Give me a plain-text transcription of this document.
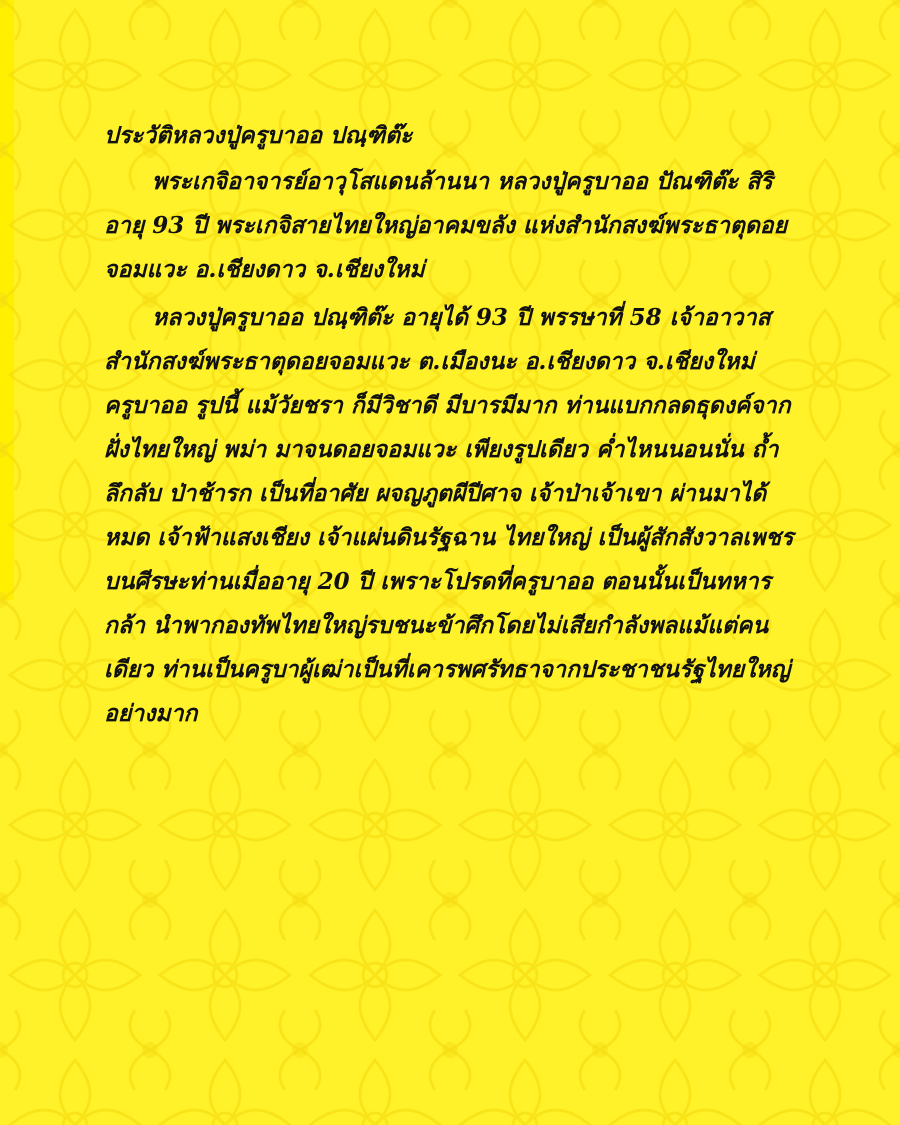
ประวัติหลวงปู่ครูบาออ ปณฺฑิต๊ะ

พระเกจิอาจารย์อาวุโสแดนล้านนา หลวงปู่ครูบาออ ปัณฑิต๊ะ สิริอายุ 93 ปี พระเกจิสายไทยใหญ่อาคมขลัง แห่งสำนักสงฆ์พระธาตุดอยจอมแวะ อ.เชียงดาว จ.เชียงใหม่

หลวงปู่ครูบาออ ปณฺฑิต๊ะ อายุได้ 93 ปี พรรษาที่ 58 เจ้าอาวาสสำนักสงฆ์พระธาตุดอยจอมแวะ ต.เมืองนะ อ.เชียงดาว จ.เชียงใหม่ ครูบาออ รูปนี้ แม้วัยชรา ก็มีวิชาดี มีบารมีมาก ท่านแบกกลดธุดงค์จากฝั่งไทยใหญ่ พม่า มาจนดอยจอมแวะ เพียงรูปเดียว ค่ำไหนนอนนั่น ถ้ำลึกลับ ป่าช้ารก เป็นที่อาศัย ผจญภูตผีปีศาจ เจ้าป่าเจ้าเขา ผ่านมาได้หมด เจ้าฟ้าแสงเชียง เจ้าแผ่นดินรัฐฉาน ไทยใหญ่ เป็นผู้สักสังวาลเพชร บนศีรษะท่านเมื่ออายุ 20 ปี เพราะโปรดที่ครูบาออ ตอนนั้นเป็นทหารกล้า นำพากองทัพไทยใหญ่รบชนะข้าศึกโดยไม่เสียกำลังพลแม้แต่คนเดียว ท่านเป็นครูบาผู้เฒ่าเป็นที่เคารพศรัทธาจากประชาชนรัฐไทยใหญ่ อย่างมาก
